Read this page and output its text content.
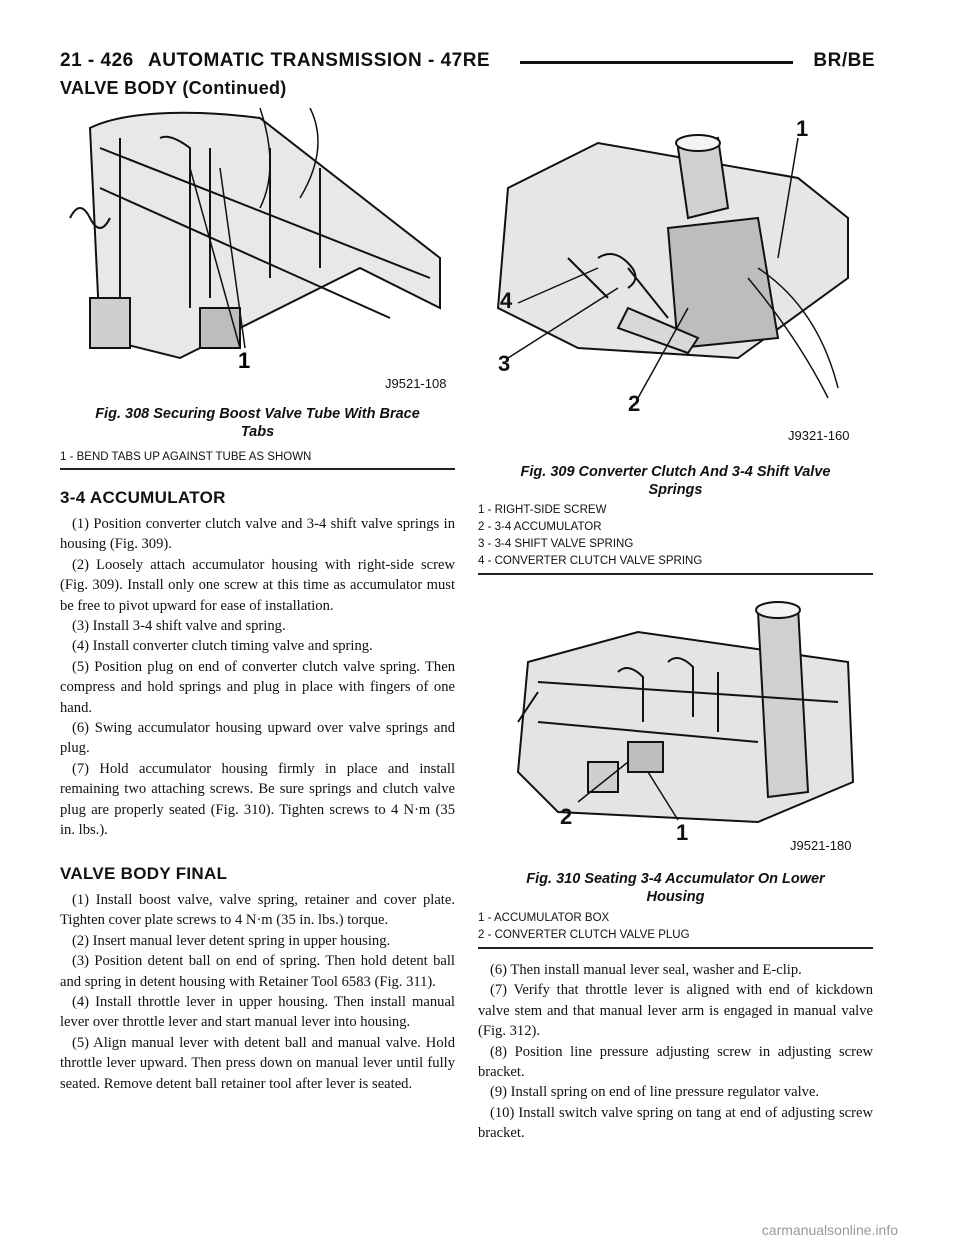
21 - 426 AUTOMATIC TRANSMISSION - 47RE	BR/BE
VALVE BODY (Continued)
1
J9521-108
Fig. 308 Securing Boost Valve Tube With Brace
Tabs
1 - BEND TABS UP AGAINST TUBE AS SHOWN
1
4
3
2
J9321-160
Fig. 309 Converter Clutch And 3-4 Shift Valve
Springs
1 - RIGHT-SIDE SCREW
2 - 3-4 ACCUMULATOR
3 - 3-4 SHIFT VALVE SPRING
4 - CONVERTER CLUTCH VALVE SPRING
2
1
J9521-180
Fig. 310 Seating 3-4 Accumulator On Lower
Housing
1 - ACCUMULATOR BOX
2 - CONVERTER CLUTCH VALVE PLUG
3-4 ACCUMULATOR

(1) Position converter clutch valve and 3-4 shift valve springs in housing (Fig. 309).

(2) Loosely attach accumulator housing with right-side screw (Fig. 309). Install only one screw at this time as accumulator must be free to pivot upward for ease of installation.

(3) Install 3-4 shift valve and spring.

(4) Install converter clutch timing valve and spring.

(5) Position plug on end of converter clutch valve spring. Then compress and hold springs and plug in place with fingers of one hand.

(6) Swing accumulator housing upward over valve springs and plug.

(7) Hold accumulator housing firmly in place and install remaining two attaching screws. Be sure springs and clutch valve plug are properly seated (Fig. 310). Tighten screws to 4 N·m (35 in. lbs.).

VALVE BODY FINAL

(1) Install boost valve, valve spring, retainer and cover plate. Tighten cover plate screws to 4 N·m (35 in. lbs.) torque.

(2) Insert manual lever detent spring in upper housing.

(3) Position detent ball on end of spring. Then hold detent ball and spring in detent housing with Retainer Tool 6583 (Fig. 311).

(4) Install throttle lever in upper housing. Then install manual lever over throttle lever and start manual lever into housing.

(5) Align manual lever with detent ball and manual valve. Hold throttle lever upward. Then press down on manual lever until fully seated. Remove detent ball retainer tool after lever is seated.

(6) Then install manual lever seal, washer and E-clip.

(7) Verify that throttle lever is aligned with end of kickdown valve stem and that manual lever arm is engaged in manual valve (Fig. 312).

(8) Position line pressure adjusting screw in adjusting screw bracket.

(9) Install spring on end of line pressure regulator valve.

(10) Install switch valve spring on tang at end of adjusting screw bracket.

carmanualsonline.info
